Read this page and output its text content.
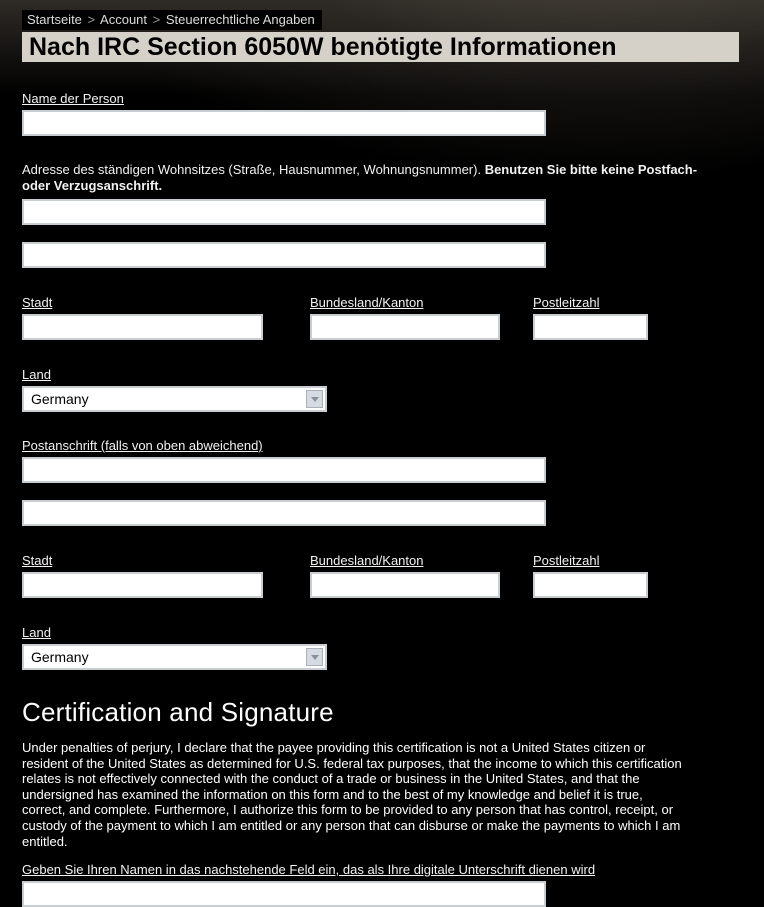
Startseite > Account > Steuerrechtliche Angaben
Nach IRC Section 6050W benötigte Informationen
Name der Person
Adresse des ständigen Wohnsitzes (Straße, Hausnummer, Wohnungsnummer). Benutzen Sie bitte keine Postfach- oder Verzugsanschrift.
Stadt	Bundesland/Kanton	Postleitzahl
Land
Germany
Postanschrift (falls von oben abweichend)
Stadt	Bundesland/Kanton	Postleitzahl
Land
Germany
Certification and Signature

Under penalties of perjury, I declare that the payee providing this certification is not a United States citizen or resident of the United States as determined for U.S. federal tax purposes, that the income to which this certification relates is not effectively connected with the conduct of a trade or business in the United States, and that the undersigned has examined the information on this form and to the best of my knowledge and belief it is true, correct, and complete. Furthermore, I authorize this form to be provided to any person that has control, receipt, or custody of the payment to which I am entitled or any person that can disburse or make the payments to which I am entitled.

Geben Sie Ihren Namen in das nachstehende Feld ein, das als Ihre digitale Unterschrift dienen wird
